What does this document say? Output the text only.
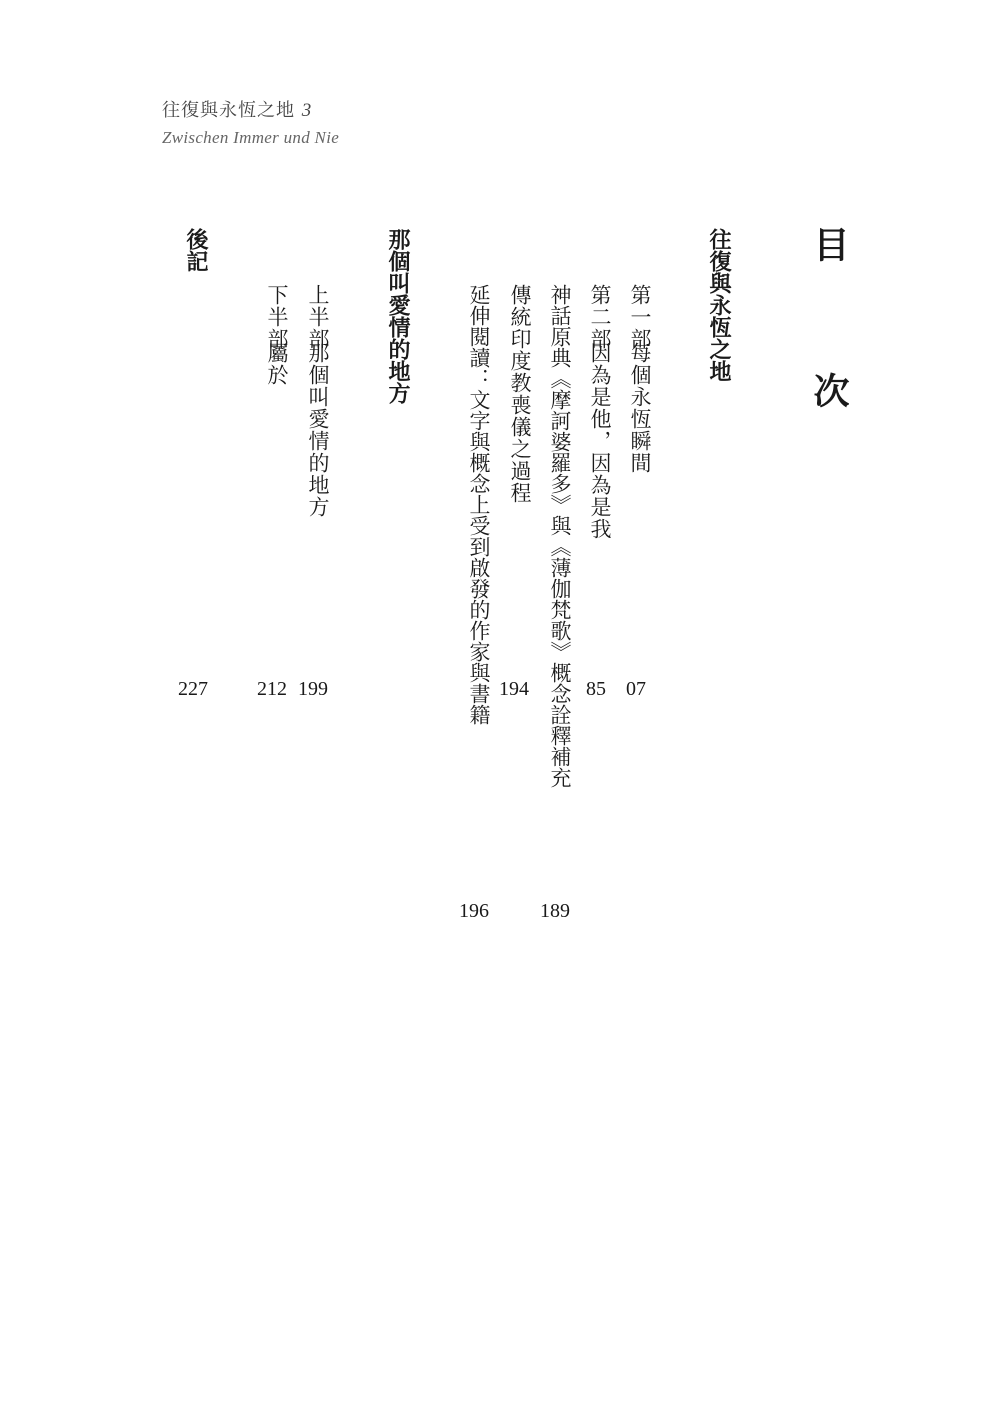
往復與永恆之地 3
Zwischen Immer und Nie
目次
往復與永恆之地
第一部每個永恆瞬間
第二部因為是他，因為是我
神話原典《摩訶婆羅多》與《薄伽梵歌》概念詮釋補充
傳統印度教喪儀之過程
延伸閱讀：文字與概念上受到啟發的作家與書籍
那個叫愛情的地方
上半部那個叫愛情的地方
下半部屬於
後記
07
85
189
194
196
199
212
227
